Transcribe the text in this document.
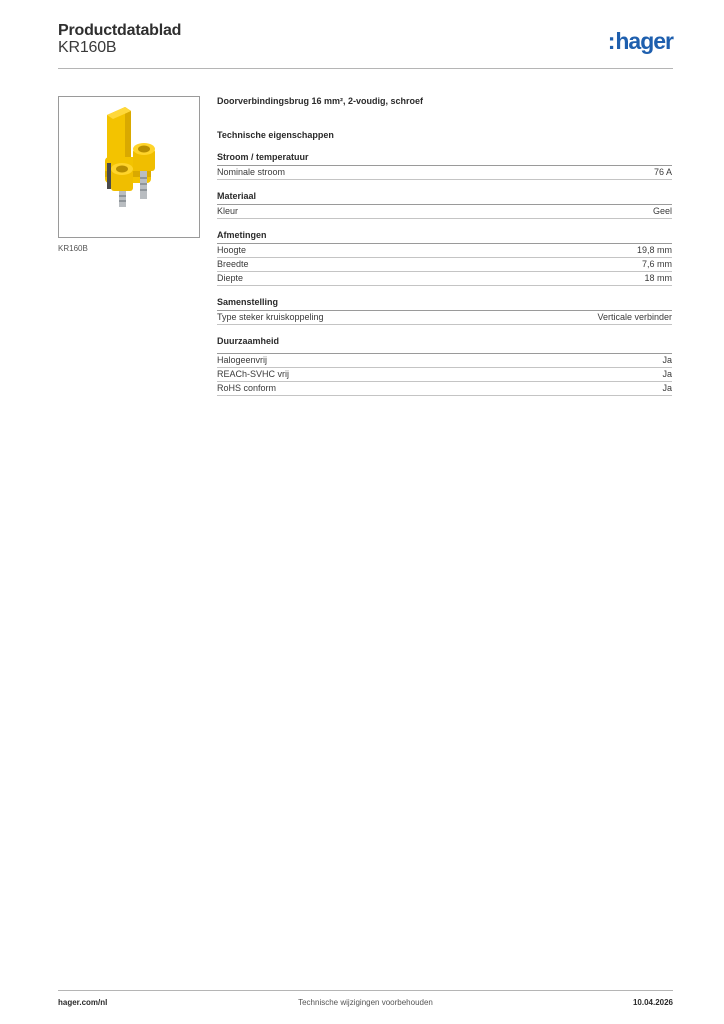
Productdatablad
KR160B	:hager
KR160B
Doorverbindingsbrug 16 mm², 2-voudig, schroef
Technische eigenschappen
Stroom / temperatuur
Nominale stroom	76 A
Materiaal
Kleur	Geel
Afmetingen
Hoogte	19,8 mm
Breedte	7,6 mm
Diepte	18 mm
Samenstelling
Type steker kruiskoppeling	Verticale verbinder
Duurzaamheid
Halogeenvrij	Ja
REACh-SVHC vrij	Ja
RoHS conform	Ja
hager.com/nl	Technische wijzigingen voorbehouden	10.04.2026
